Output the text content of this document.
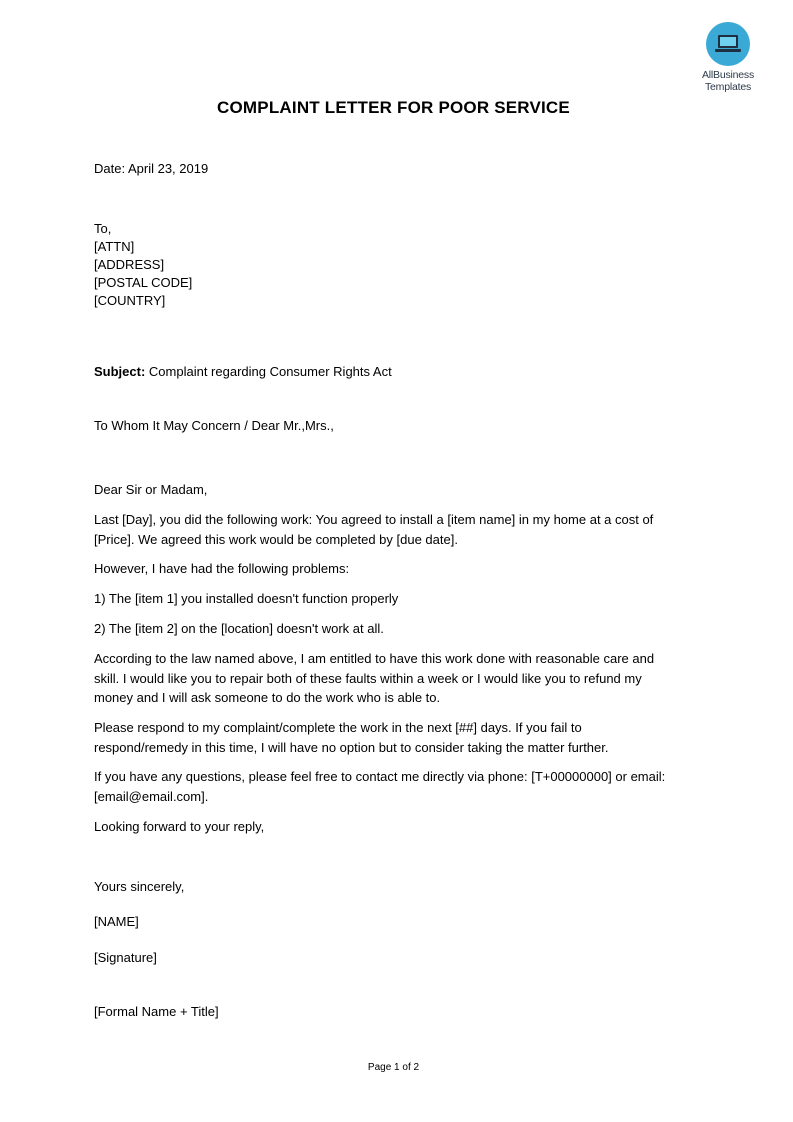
AllBusiness
Templates
COMPLAINT LETTER FOR POOR SERVICE
Date: April 23, 2019
To,
[ATTN]
[ADDRESS]
[POSTAL CODE]
[COUNTRY]
Subject: Complaint regarding Consumer Rights Act
To Whom It May Concern / Dear Mr.,Mrs.,
Dear Sir or Madam,
Last [Day], you did the following work: You agreed to install a [item name] in my home at a cost of
[Price]. We agreed this work would be completed by [due date].
However, I have had the following problems:
1) The [item 1] you installed doesn't function properly
2) The [item 2] on the [location] doesn't work at all.
According to the law named above, I am entitled to have this work done with reasonable care and
skill. I would like you to repair both of these faults within a week or I would like you to refund my
money and I will ask someone to do the work who is able to.
Please respond to my complaint/complete the work in the next [##] days. If you fail to
respond/remedy in this time, I will have no option but to consider taking the matter further.
If you have any questions, please feel free to contact me directly via phone: [T+00000000] or email:
[email@email.com].
Looking forward to your reply,
Yours sincerely,
[NAME]
[Signature]
[Formal Name + Title]
Page 1 of 2
